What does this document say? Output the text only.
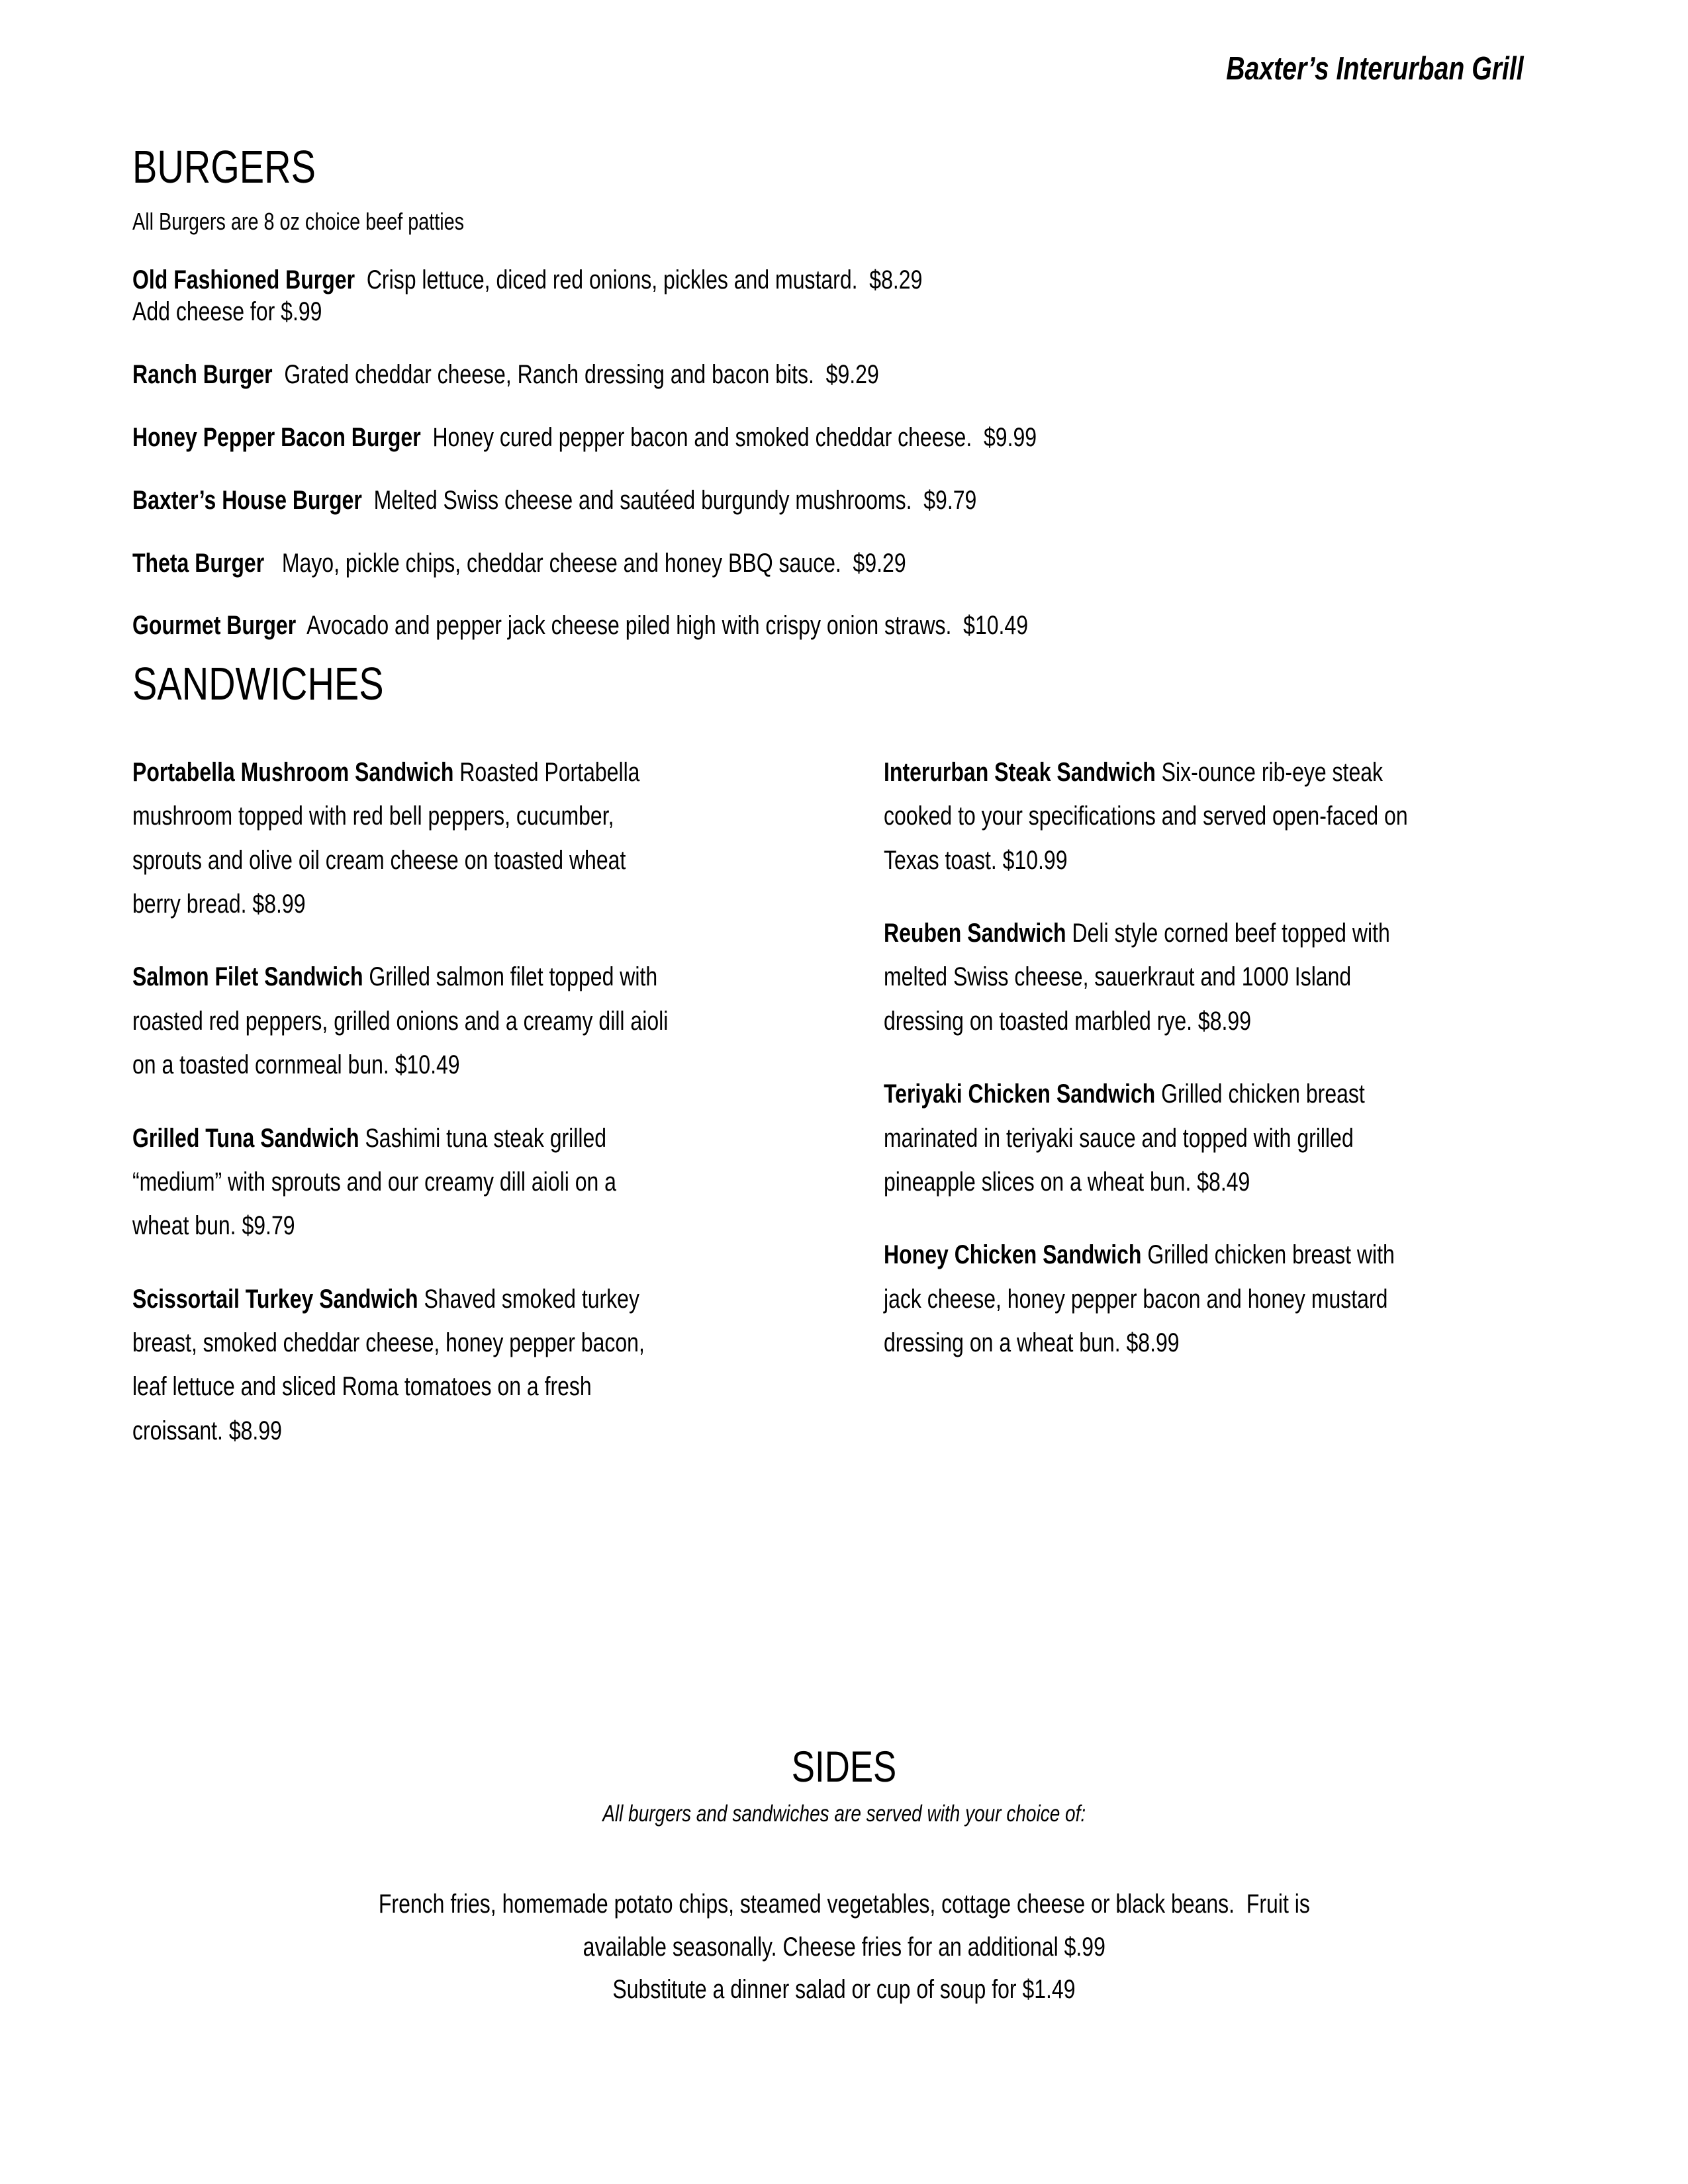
Baxter’s Interurban Grill
BURGERS

All Burgers are 8 oz choice beef patties

Old Fashioned Burger  Crisp lettuce, diced red onions, pickles and mustard.  $8.29

Add cheese for $.99

Ranch Burger  Grated cheddar cheese, Ranch dressing and bacon bits.  $9.29

Honey Pepper Bacon Burger  Honey cured pepper bacon and smoked cheddar cheese.  $9.99

Baxter’s House Burger  Melted Swiss cheese and sautéed burgundy mushrooms.  $9.79

Theta Burger   Mayo, pickle chips, cheddar cheese and honey BBQ sauce.  $9.29

Gourmet Burger  Avocado and pepper jack cheese piled high with crispy onion straws.  $10.49

SANDWICHES

Portabella Mushroom Sandwich Roasted Portabella mushroom topped with red bell peppers, cucumber, sprouts and olive oil cream cheese on toasted wheat berry bread. $8.99

Salmon Filet Sandwich Grilled salmon filet topped with roasted red peppers, grilled onions and a creamy dill aioli on a toasted cornmeal bun. $10.49

Grilled Tuna Sandwich Sashimi tuna steak grilled “medium” with sprouts and our creamy dill aioli on a wheat bun. $9.79

Scissortail Turkey Sandwich Shaved smoked turkey breast, smoked cheddar cheese, honey pepper bacon, leaf lettuce and sliced Roma tomatoes on a fresh croissant. $8.99

Interurban Steak Sandwich Six-ounce rib-eye steak cooked to your specifications and served open-faced on Texas toast. $10.99

Reuben Sandwich Deli style corned beef topped with melted Swiss cheese, sauerkraut and 1000 Island dressing on toasted marbled rye. $8.99

Teriyaki Chicken Sandwich Grilled chicken breast marinated in teriyaki sauce and topped with grilled pineapple slices on a wheat bun. $8.49

Honey Chicken Sandwich Grilled chicken breast with jack cheese, honey pepper bacon and honey mustard dressing on a wheat bun. $8.99

SIDES

All burgers and sandwiches are served with your choice of:

French fries, homemade potato chips, steamed vegetables, cottage cheese or black beans.  Fruit is
available seasonally. Cheese fries for an additional $.99
Substitute a dinner salad or cup of soup for $1.49
